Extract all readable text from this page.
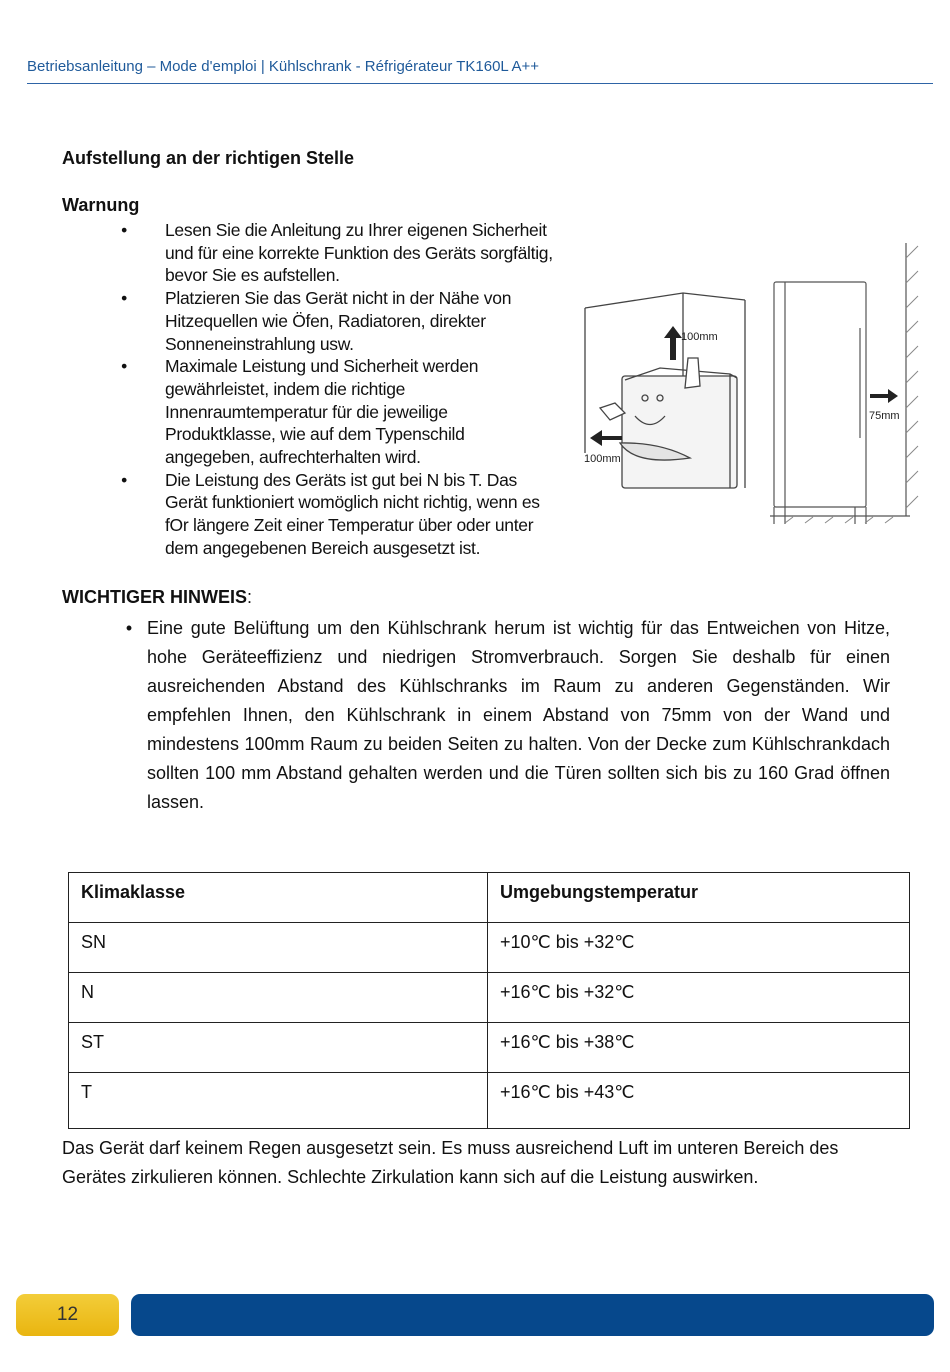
Betriebsanleitung – Mode d'emploi | Kühlschrank - Réfrigérateur TK160L A++
Aufstellung an der richtigen Stelle
Warnung
• Lesen Sie die Anleitung zu Ihrer eigenen Sicherheit und für eine korrekte Funktion des Geräts sorgfältig, bevor Sie es aufstellen.
• Platzieren Sie das Gerät nicht in der Nähe von Hitzequellen wie Öfen, Radiatoren, direkter Sonneneinstrahlung usw.
• Maximale Leistung und Sicherheit werden gewährleistet, indem die richtige Innenraumtemperatur für die jeweilige Produktklasse, wie auf dem Typenschild angegeben, aufrechterhalten wird.
• Die Leistung des Geräts ist gut bei N bis T. Das Gerät funktioniert womöglich nicht richtig, wenn es fOr längere Zeit einer Temperatur über oder unter dem angegebenen Bereich ausgesetzt ist.
100mm
100mm
75mm
WICHTIGER HINWEIS:
• Eine gute Belüftung um den Kühlschrank herum ist wichtig für das Entweichen von Hitze, hohe Geräteeffizienz und niedrigen Stromverbrauch. Sorgen Sie deshalb für einen ausreichenden Abstand des Kühlschranks im Raum zu anderen Gegenständen. Wir empfehlen Ihnen, den Kühlschrank in einem Abstand von 75mm von der Wand und mindestens 100mm Raum zu beiden Seiten zu halten. Von der Decke zum Kühlschrankdach sollten 100 mm Abstand gehalten werden und die Türen sollten sich bis zu 160 Grad öffnen lassen.

Klimaklasse	Umgebungstemperatur
SN	+10℃ bis +32℃
N	+16℃ bis +32℃
ST	+16℃ bis +38℃
T	+16℃ bis +43℃
Das Gerät darf keinem Regen ausgesetzt sein. Es muss ausreichend Luft im unteren Bereich des Gerätes zirkulieren können. Schlechte Zirkulation kann sich auf die Leistung auswirken.
12
